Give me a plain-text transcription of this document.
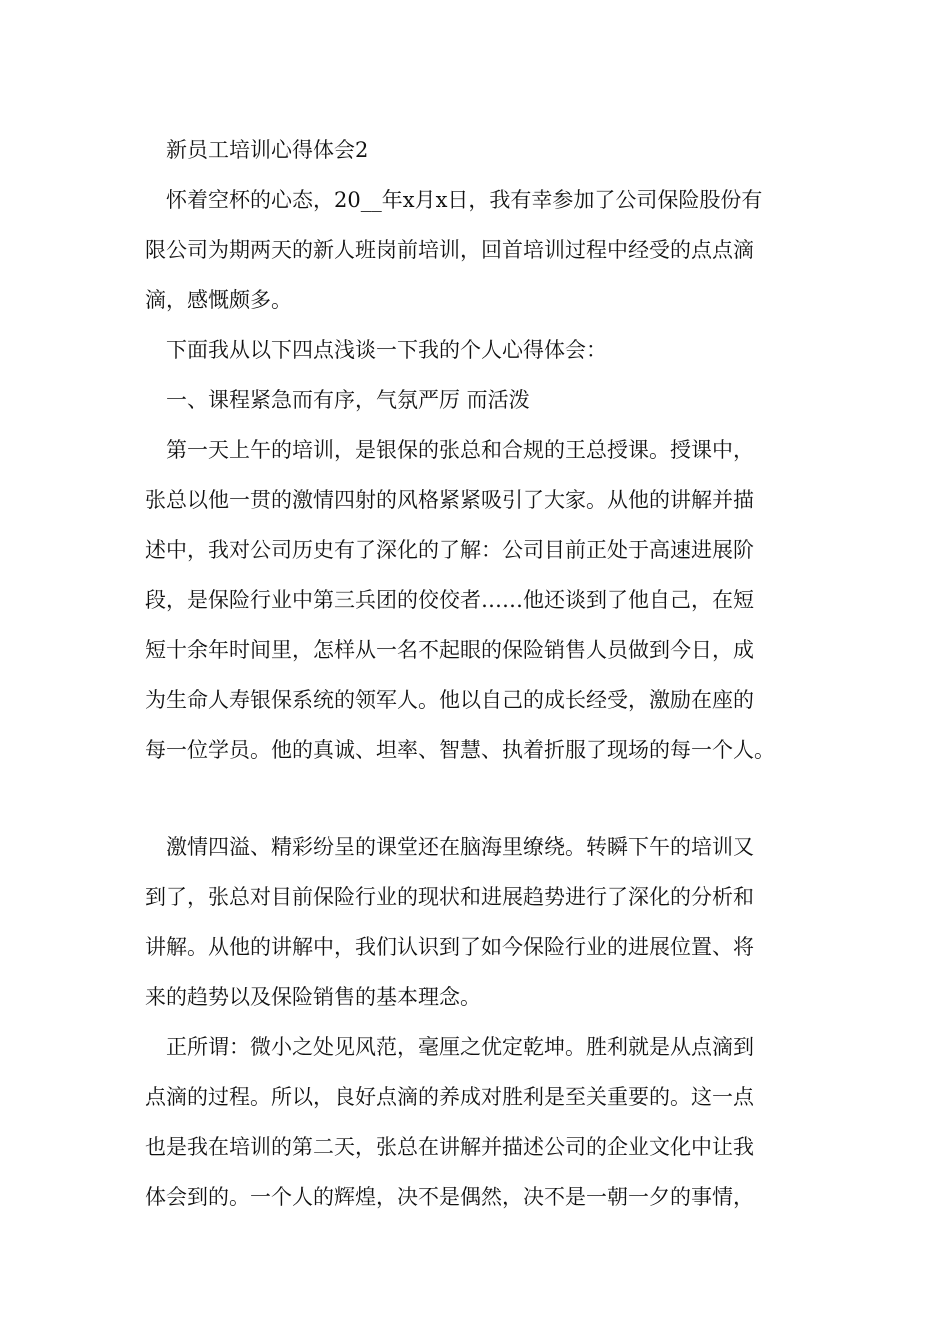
新员工培训心得体会2
怀着空杯的心态，20__年x月x日，我有幸参加了公司保险股份有
限公司为期两天的新人班岗前培训，回首培训过程中经受的点点滴
滴，感慨颇多。
下面我从以下四点浅谈一下我的个人心得体会：
一、课程紧急而有序，气氛严厉 而活泼
第一天上午的培训，是银保的张总和合规的王总授课。授课中，
张总以他一贯的激情四射的风格紧紧吸引了大家。从他的讲解并描
述中，我对公司历史有了深化的了解：公司目前正处于高速进展阶
段，是保险行业中第三兵团的佼佼者……他还谈到了他自己，在短
短十余年时间里，怎样从一名不起眼的保险销售人员做到今日，成
为生命人寿银保系统的领军人。他以自己的成长经受，激励在座的
每一位学员。他的真诚、坦率、智慧、执着折服了现场的每一个人。
激情四溢、精彩纷呈的课堂还在脑海里缭绕。转瞬下午的培训又
到了，张总对目前保险行业的现状和进展趋势进行了深化的分析和
讲解。从他的讲解中，我们认识到了如今保险行业的进展位置、将
来的趋势以及保险销售的基本理念。
正所谓：微小之处见风范，毫厘之优定乾坤。胜利就是从点滴到
点滴的过程。所以，良好点滴的养成对胜利是至关重要的。这一点
也是我在培训的第二天，张总在讲解并描述公司的企业文化中让我
体会到的。一个人的辉煌，决不是偶然，决不是一朝一夕的事情，
